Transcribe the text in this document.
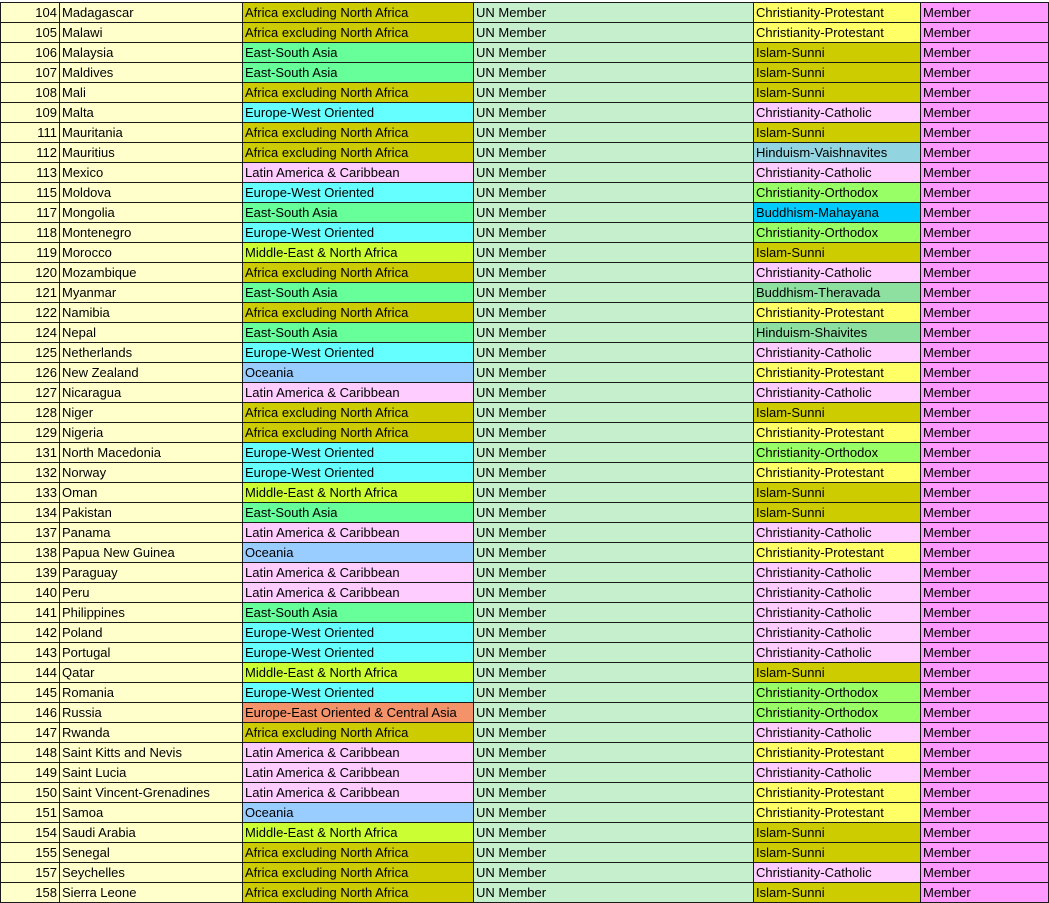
104	Madagascar	Africa excluding North Africa	UN Member	Christianity-Protestant	Member
105	Malawi	Africa excluding North Africa	UN Member	Christianity-Protestant	Member
106	Malaysia	East-South Asia	UN Member	Islam-Sunni	Member
107	Maldives	East-South Asia	UN Member	Islam-Sunni	Member
108	Mali	Africa excluding North Africa	UN Member	Islam-Sunni	Member
109	Malta	Europe-West Oriented	UN Member	Christianity-Catholic	Member
111	Mauritania	Africa excluding North Africa	UN Member	Islam-Sunni	Member
112	Mauritius	Africa excluding North Africa	UN Member	Hinduism-Vaishnavites	Member
113	Mexico	Latin America & Caribbean	UN Member	Christianity-Catholic	Member
115	Moldova	Europe-West Oriented	UN Member	Christianity-Orthodox	Member
117	Mongolia	East-South Asia	UN Member	Buddhism-Mahayana	Member
118	Montenegro	Europe-West Oriented	UN Member	Christianity-Orthodox	Member
119	Morocco	Middle-East & North Africa	UN Member	Islam-Sunni	Member
120	Mozambique	Africa excluding North Africa	UN Member	Christianity-Catholic	Member
121	Myanmar	East-South Asia	UN Member	Buddhism-Theravada	Member
122	Namibia	Africa excluding North Africa	UN Member	Christianity-Protestant	Member
124	Nepal	East-South Asia	UN Member	Hinduism-Shaivites	Member
125	Netherlands	Europe-West Oriented	UN Member	Christianity-Catholic	Member
126	New Zealand	Oceania	UN Member	Christianity-Protestant	Member
127	Nicaragua	Latin America & Caribbean	UN Member	Christianity-Catholic	Member
128	Niger	Africa excluding North Africa	UN Member	Islam-Sunni	Member
129	Nigeria	Africa excluding North Africa	UN Member	Christianity-Protestant	Member
131	North Macedonia	Europe-West Oriented	UN Member	Christianity-Orthodox	Member
132	Norway	Europe-West Oriented	UN Member	Christianity-Protestant	Member
133	Oman	Middle-East & North Africa	UN Member	Islam-Sunni	Member
134	Pakistan	East-South Asia	UN Member	Islam-Sunni	Member
137	Panama	Latin America & Caribbean	UN Member	Christianity-Catholic	Member
138	Papua New Guinea	Oceania	UN Member	Christianity-Protestant	Member
139	Paraguay	Latin America & Caribbean	UN Member	Christianity-Catholic	Member
140	Peru	Latin America & Caribbean	UN Member	Christianity-Catholic	Member
141	Philippines	East-South Asia	UN Member	Christianity-Catholic	Member
142	Poland	Europe-West Oriented	UN Member	Christianity-Catholic	Member
143	Portugal	Europe-West Oriented	UN Member	Christianity-Catholic	Member
144	Qatar	Middle-East & North Africa	UN Member	Islam-Sunni	Member
145	Romania	Europe-West Oriented	UN Member	Christianity-Orthodox	Member
146	Russia	Europe-East Oriented & Central Asia	UN Member	Christianity-Orthodox	Member
147	Rwanda	Africa excluding North Africa	UN Member	Christianity-Catholic	Member
148	Saint Kitts and Nevis	Latin America & Caribbean	UN Member	Christianity-Protestant	Member
149	Saint Lucia	Latin America & Caribbean	UN Member	Christianity-Catholic	Member
150	Saint Vincent-Grenadines	Latin America & Caribbean	UN Member	Christianity-Protestant	Member
151	Samoa	Oceania	UN Member	Christianity-Protestant	Member
154	Saudi Arabia	Middle-East & North Africa	UN Member	Islam-Sunni	Member
155	Senegal	Africa excluding North Africa	UN Member	Islam-Sunni	Member
157	Seychelles	Africa excluding North Africa	UN Member	Christianity-Catholic	Member
158	Sierra Leone	Africa excluding North Africa	UN Member	Islam-Sunni	Member
